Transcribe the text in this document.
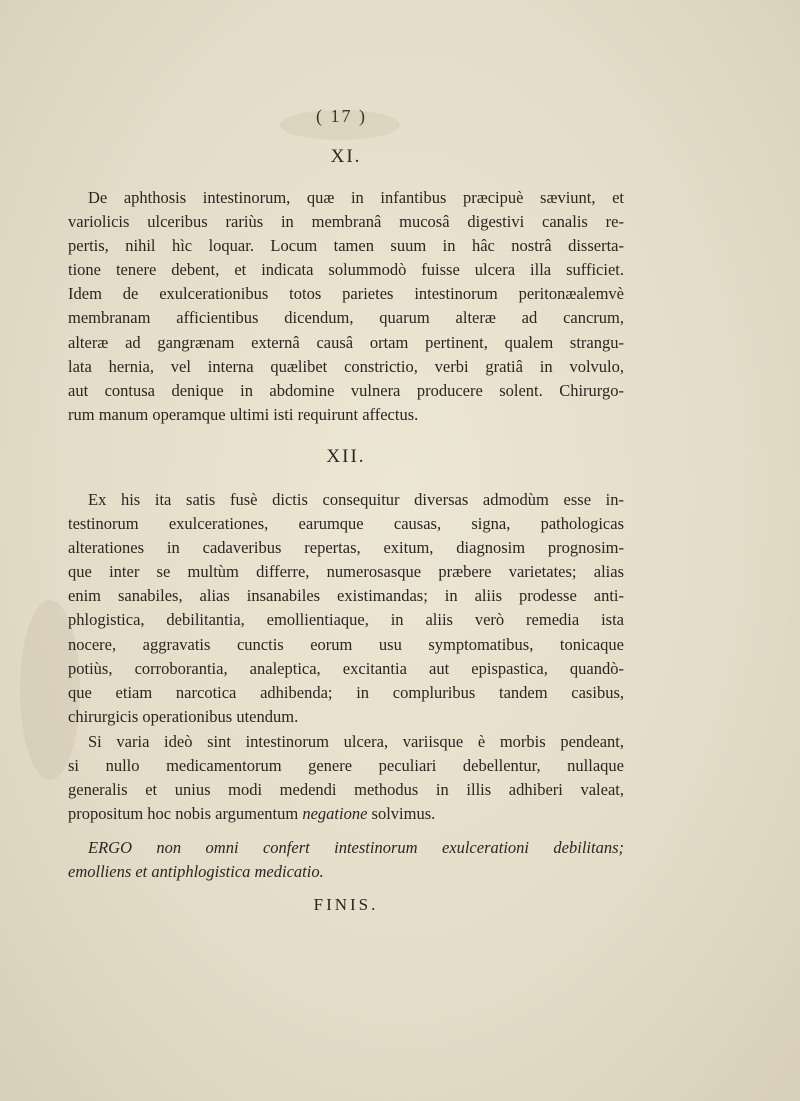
( 17 )
XI.
De aphthosis intestinorum, quæ in infantibus præcipuè sæviunt, et
variolicis ulceribus rariùs in membranâ mucosâ digestivi canalis re-
pertis, nihil hìc loquar. Locum tamen suum in hâc nostrâ disserta-
tione tenere debent, et indicata solummodò fuisse ulcera illa sufficiet.
Idem de exulcerationibus totos parietes intestinorum peritonæalemvè
membranam afficientibus dicendum, quarum alteræ ad cancrum,
alteræ ad gangrænam externâ causâ ortam pertinent, qualem strangu-
lata hernia, vel interna quælibet constrictio, verbi gratiâ in volvulo,
aut contusa denique in abdomine vulnera producere solent. Chirurgo-
rum manum operamque ultimi isti requirunt affectus.
XII.
Ex his ita satis fusè dictis consequitur diversas admodùm esse in-
testinorum exulcerationes, earumque causas, signa, pathologicas
alterationes in cadaveribus repertas, exitum, diagnosim prognosim-
que inter se multùm differre, numerosasque præbere varietates; alias
enim sanabiles, alias insanabiles existimandas; in aliis prodesse anti-
phlogistica, debilitantia, emollientiaque, in aliis verò remedia ista
nocere, aggravatis cunctis eorum usu symptomatibus, tonicaque
potiùs, corroborantia, analeptica, excitantia aut epispastica, quandò-
que etiam narcotica adhibenda; in compluribus tandem casibus,
chirurgicis operationibus utendum.
Si varia ideò sint intestinorum ulcera, variisque è morbis pendeant,
si nullo medicamentorum genere peculiari debellentur, nullaque
generalis et unius modi medendi methodus in illis adhiberi valeat,
propositum hoc nobis argumentum negatione solvimus.
ERGO non omni confert intestinorum exulcerationi debilitans;
emolliens et antiphlogistica medicatio.
FINIS.
